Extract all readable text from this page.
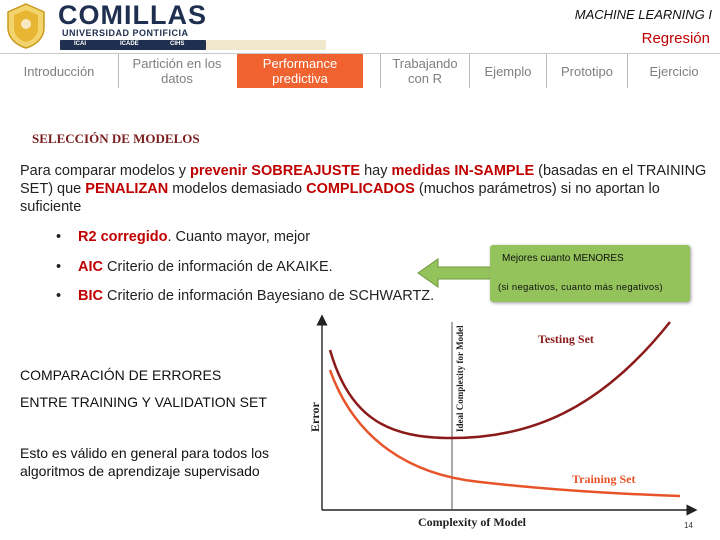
COMILLAS
UNIVERSIDAD PONTIFICIA
ICAI	ICADE	CIHS
MACHINE LEARNING I
Regresión
Introducción	Partición en los datos
Performance predictiva
Trabajando con R	Ejemplo	Prototipo	Ejercicio
SELECCIÓN DE MODELOS
Para comparar modelos y prevenir SOBREAJUSTE hay medidas IN-SAMPLE (basadas en el TRAINING SET) que PENALIZAN modelos demasiado COMPLICADOS (muchos parámetros) si no aportan lo suficiente
• R2 corregido. Cuanto mayor, mejor
• AIC Criterio de información de AKAIKE.
• BIC Criterio de información Bayesiano de SCHWARTZ.
Mejores cuanto MENORES
(si negativos, cuanto más negativos)
COMPARACIÓN DE ERRORES
ENTRE TRAINING Y VALIDATION SET
Esto es válido en general para todos los algoritmos de aprendizaje supervisado
Testing Set
Training Set
Complexity of Model
Error	Ideal Complexity for Model
14
